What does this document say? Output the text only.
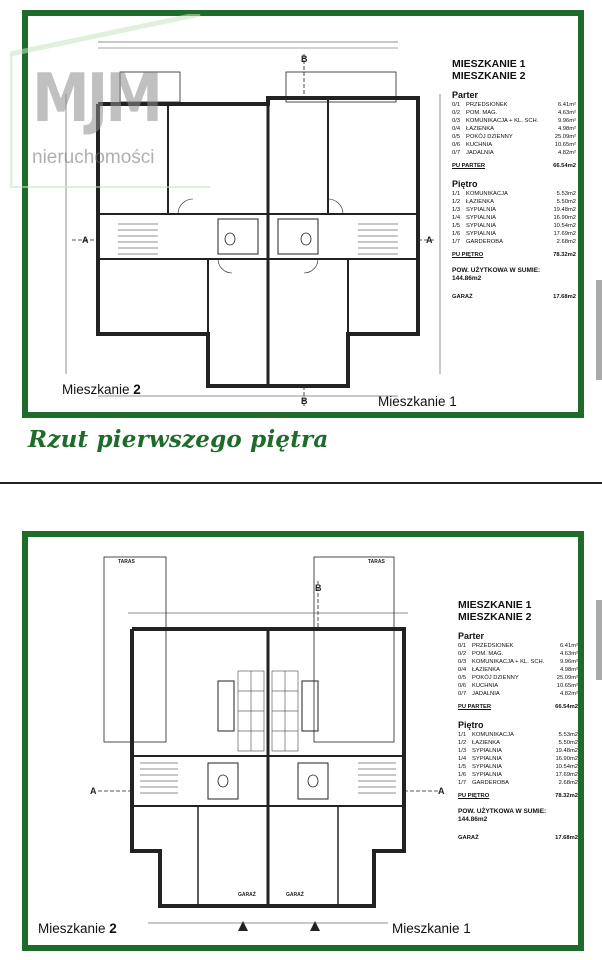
A	A
B
B
MIESZKANIE 1
MIESZKANIE 2
Parter
0/1	PRZEDSIONEK	6.41m²
0/2	POM. MAG.	4.63m²
0/3	KOMUNIKACJA + KL. SCH.	9.96m²
0/4	ŁAZIENKA	4.98m²
0/5	POKÓJ DZIENNY	25.09m²
0/6	KUCHNIA	10.65m²
0/7	JADALNIA	4.82m²
PU PARTER	66.54m2
Piętro
1/1	KOMUNIKACJA	5.53m2
1/2	ŁAZIENKA	5.50m2
1/3	SYPIALNIA	19.48m2
1/4	SYPIALNIA	16.90m2
1/5	SYPIALNIA	10.54m2
1/6	SYPIALNIA	17.69m2
1/7	GARDEROBA	2.68m2
PU PIĘTRO	78.32m2
POW. UŻYTKOWA W SUMIE:
144.86m2
GARAŻ	17.68m2
Mieszkanie 2
Mieszkanie 1
MJM
nieruchomości
Rzut pierwszego piętra
TARAS	TARAS
GARAŻ	GARAŻ
A	A
B
MIESZKANIE 1
MIESZKANIE 2
Parter
0/1	PRZEDSIONEK	6.41m²
0/2	POM. MAG.	4.63m²
0/3	KOMUNIKACJA + KL. SCH.	9.96m²
0/4	ŁAZIENKA	4.98m²
0/5	POKÓJ DZIENNY	25.09m²
0/6	KUCHNIA	10.65m²
0/7	JADALNIA	4.82m²
PU PARTER	66.54m2
Piętro
1/1	KOMUNIKACJA	5.53m2
1/2	ŁAZIENKA	5.50m2
1/3	SYPIALNIA	19.48m2
1/4	SYPIALNIA	16.90m2
1/5	SYPIALNIA	10.54m2
1/6	SYPIALNIA	17.69m2
1/7	GARDEROBA	2.68m2
PU PIĘTRO	78.32m2
POW. UŻYTKOWA W SUMIE:
144.86m2
GARAŻ	17.68m2
Mieszkanie 2	Mieszkanie 1
